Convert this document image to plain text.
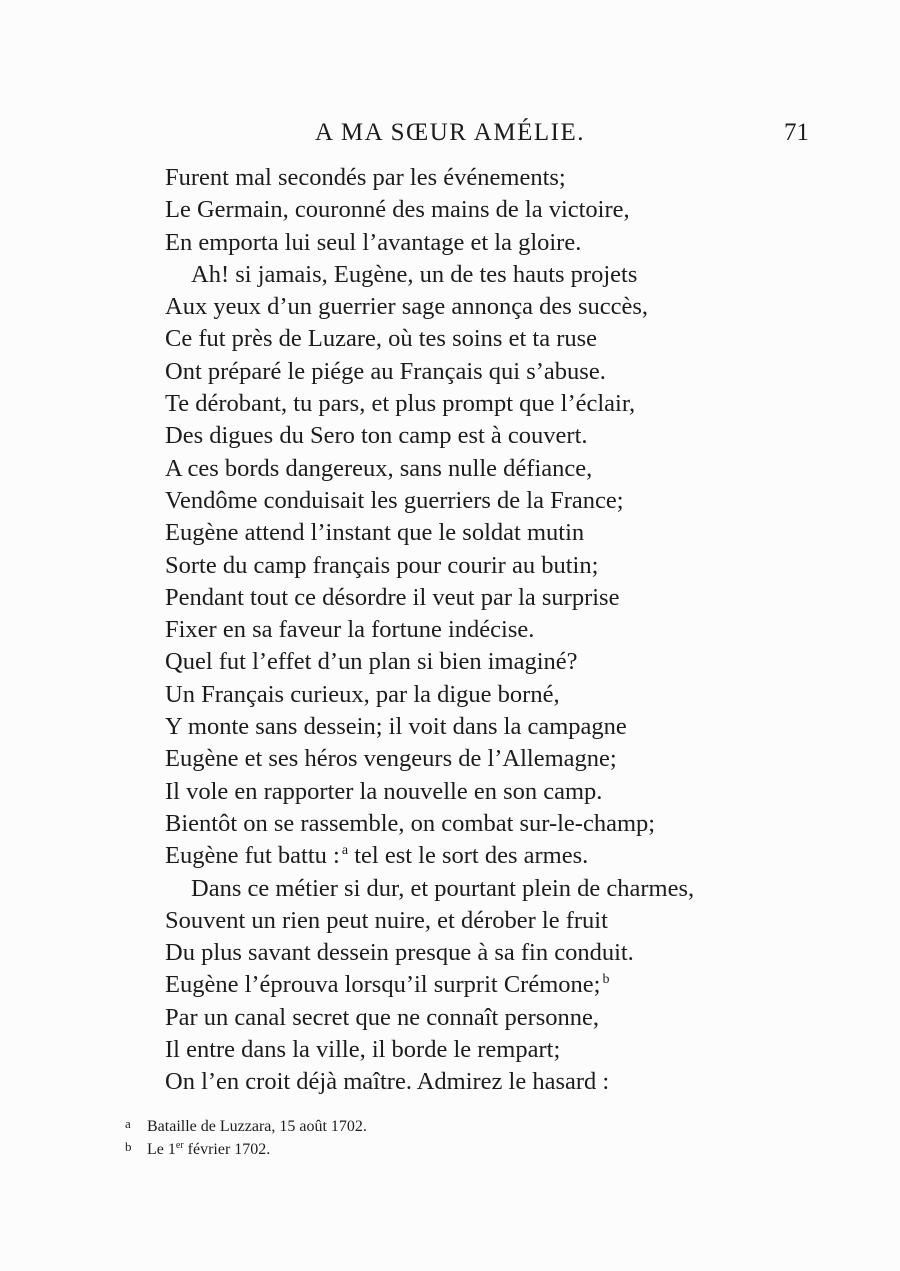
A MA SŒUR AMÉLIE.	71
Furent mal secondés par les événements;
Le Germain, couronné des mains de la victoire,
En emporta lui seul l’avantage et la gloire.
Ah! si jamais, Eugène, un de tes hauts projets
Aux yeux d’un guerrier sage annonça des succès,
Ce fut près de Luzare, où tes soins et ta ruse
Ont préparé le piége au Français qui s’abuse.
Te dérobant, tu pars, et plus prompt que l’éclair,
Des digues du Sero ton camp est à couvert.
A ces bords dangereux, sans nulle défiance,
Vendôme conduisait les guerriers de la France;
Eugène attend l’instant que le soldat mutin
Sorte du camp français pour courir au butin;
Pendant tout ce désordre il veut par la surprise
Fixer en sa faveur la fortune indécise.
Quel fut l’effet d’un plan si bien imaginé?
Un Français curieux, par la digue borné,
Y monte sans dessein; il voit dans la campagne
Eugène et ses héros vengeurs de l’Allemagne;
Il vole en rapporter la nouvelle en son camp.
Bientôt on se rassemble, on combat sur-le-champ;
Eugène fut battu : $^a$ tel est le sort des armes.
Dans ce métier si dur, et pourtant plein de charmes,
Souvent un rien peut nuire, et dérober le fruit
Du plus savant dessein presque à sa fin conduit.
Eugène l’éprouva lorsqu’il surprit Crémone; $^b$
Par un canal secret que ne connaît personne,
Il entre dans la ville, il borde le rempart;
On l’en croit déjà maître. Admirez le hasard :
a Bataille de Luzzara, 15 août 1702.
b Le 1er février 1702.
